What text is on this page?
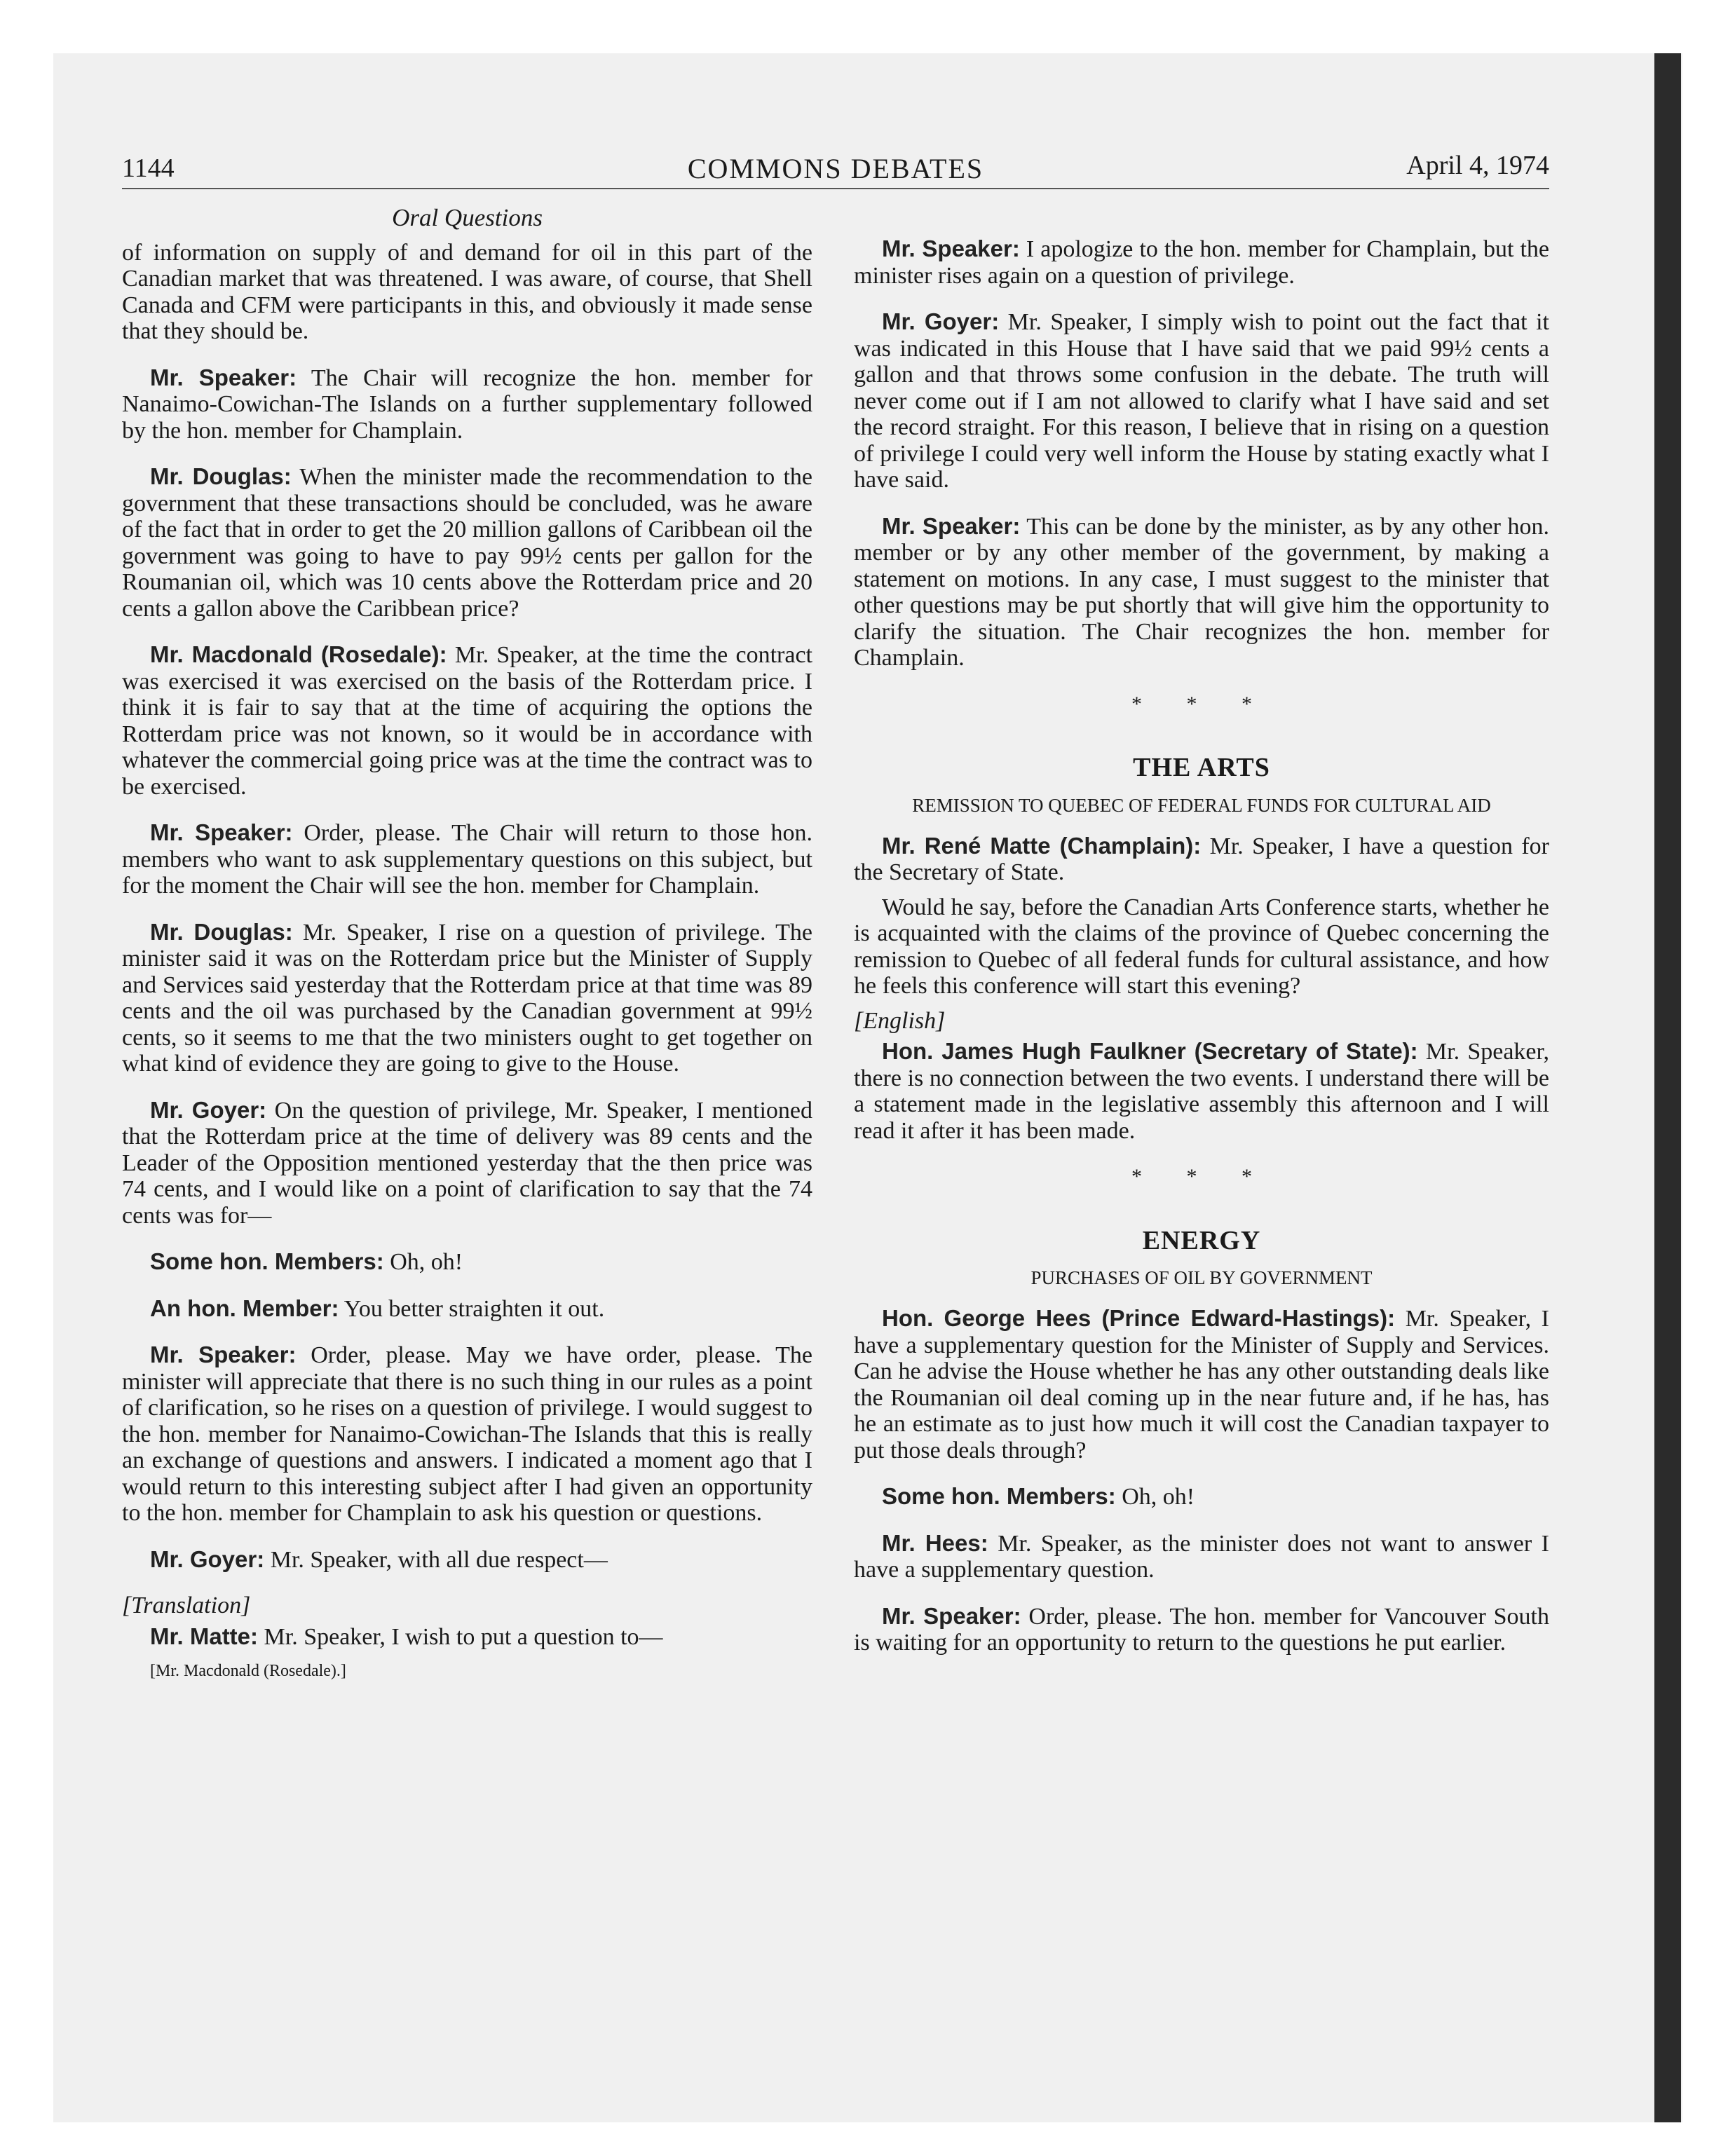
1144	COMMONS DEBATES	April 4, 1974
Oral Questions

of information on supply of and demand for oil in this part of the Canadian market that was threatened. I was aware, of course, that Shell Canada and CFM were participants in this, and obviously it made sense that they should be.

Mr. Speaker: The Chair will recognize the hon. member for Nanaimo-Cowichan-The Islands on a further supplementary followed by the hon. member for Champlain.

Mr. Douglas: When the minister made the recommendation to the government that these transactions should be concluded, was he aware of the fact that in order to get the 20 million gallons of Caribbean oil the government was going to have to pay 99½ cents per gallon for the Roumanian oil, which was 10 cents above the Rotterdam price and 20 cents a gallon above the Caribbean price?

Mr. Macdonald (Rosedale): Mr. Speaker, at the time the contract was exercised it was exercised on the basis of the Rotterdam price. I think it is fair to say that at the time of acquiring the options the Rotterdam price was not known, so it would be in accordance with whatever the commercial going price was at the time the contract was to be exercised.

Mr. Speaker: Order, please. The Chair will return to those hon. members who want to ask supplementary questions on this subject, but for the moment the Chair will see the hon. member for Champlain.

Mr. Douglas: Mr. Speaker, I rise on a question of privilege. The minister said it was on the Rotterdam price but the Minister of Supply and Services said yesterday that the Rotterdam price at that time was 89 cents and the oil was purchased by the Canadian government at 99½ cents, so it seems to me that the two ministers ought to get together on what kind of evidence they are going to give to the House.

Mr. Goyer: On the question of privilege, Mr. Speaker, I mentioned that the Rotterdam price at the time of delivery was 89 cents and the Leader of the Opposition mentioned yesterday that the then price was 74 cents, and I would like on a point of clarification to say that the 74 cents was for—

Some hon. Members: Oh, oh!

An hon. Member: You better straighten it out.

Mr. Speaker: Order, please. May we have order, please. The minister will appreciate that there is no such thing in our rules as a point of clarification, so he rises on a question of privilege. I would suggest to the hon. member for Nanaimo-Cowichan-The Islands that this is really an exchange of questions and answers. I indicated a moment ago that I would return to this interesting subject after I had given an opportunity to the hon. member for Champlain to ask his question or questions.

Mr. Goyer: Mr. Speaker, with all due respect—

[Translation]

Mr. Matte: Mr. Speaker, I wish to put a question to—

[Mr. Macdonald (Rosedale).]

Mr. Speaker: I apologize to the hon. member for Champlain, but the minister rises again on a question of privilege.

Mr. Goyer: Mr. Speaker, I simply wish to point out the fact that it was indicated in this House that I have said that we paid 99½ cents a gallon and that throws some confusion in the debate. The truth will never come out if I am not allowed to clarify what I have said and set the record straight. For this reason, I believe that in rising on a question of privilege I could very well inform the House by stating exactly what I have said.

Mr. Speaker: This can be done by the minister, as by any other hon. member or by any other member of the government, by making a statement on motions. In any case, I must suggest to the minister that other questions may be put shortly that will give him the opportunity to clarify the situation. The Chair recognizes the hon. member for Champlain.

* * *
THE ARTS
REMISSION TO QUEBEC OF FEDERAL FUNDS FOR CULTURAL AID

Mr. René Matte (Champlain): Mr. Speaker, I have a question for the Secretary of State.

Would he say, before the Canadian Arts Conference starts, whether he is acquainted with the claims of the province of Quebec concerning the remission to Quebec of all federal funds for cultural assistance, and how he feels this conference will start this evening?

[English]

Hon. James Hugh Faulkner (Secretary of State): Mr. Speaker, there is no connection between the two events. I understand there will be a statement made in the legislative assembly this afternoon and I will read it after it has been made.

* * *
ENERGY
PURCHASES OF OIL BY GOVERNMENT

Hon. George Hees (Prince Edward-Hastings): Mr. Speaker, I have a supplementary question for the Minister of Supply and Services. Can he advise the House whether he has any other outstanding deals like the Roumanian oil deal coming up in the near future and, if he has, has he an estimate as to just how much it will cost the Canadian taxpayer to put those deals through?

Some hon. Members: Oh, oh!

Mr. Hees: Mr. Speaker, as the minister does not want to answer I have a supplementary question.

Mr. Speaker: Order, please. The hon. member for Vancouver South is waiting for an opportunity to return to the questions he put earlier.
